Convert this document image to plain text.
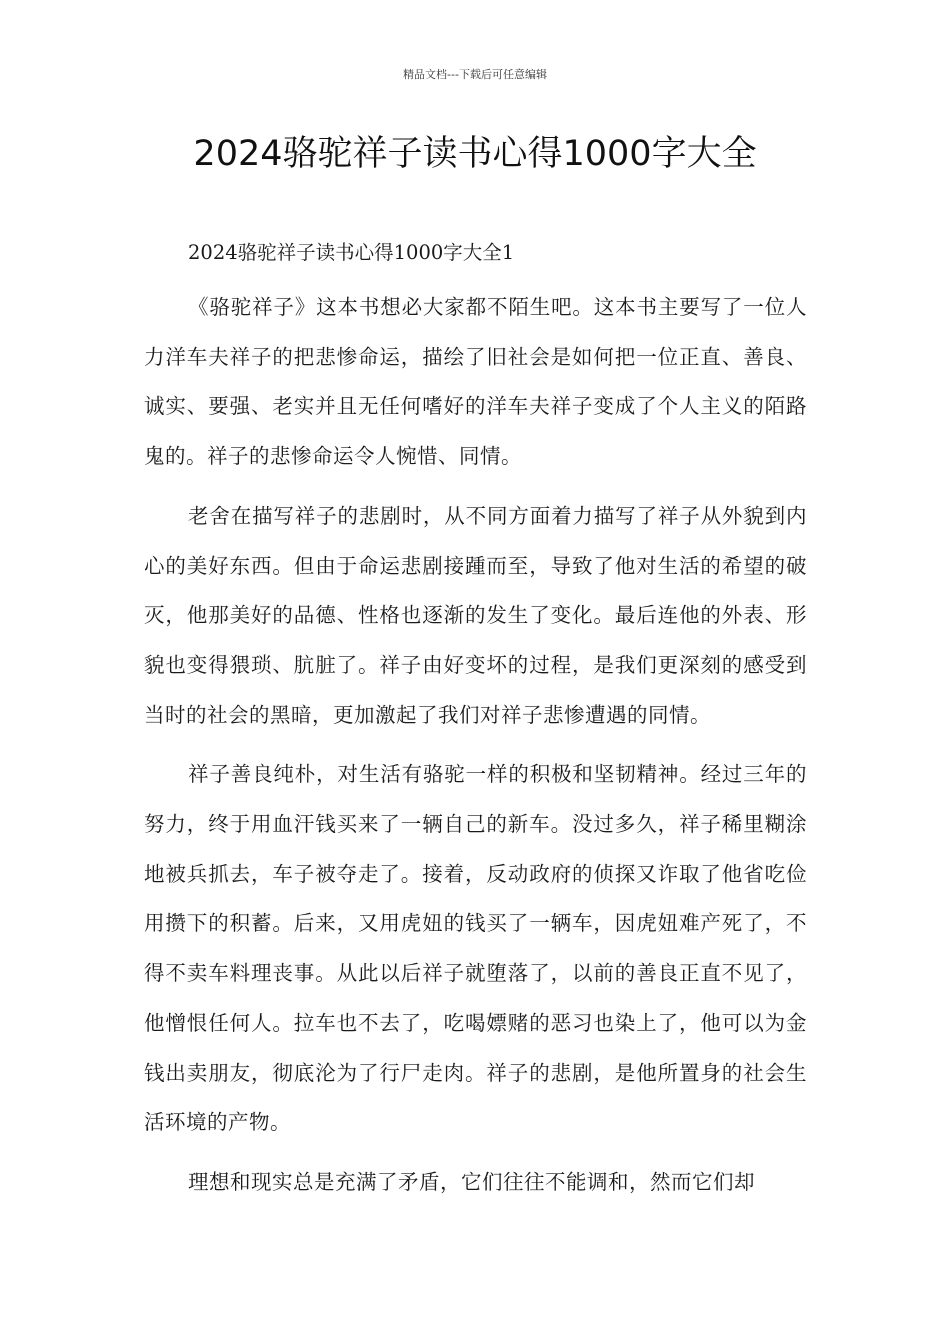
精品文档---下载后可任意编辑
2024骆驼祥子读书心得1000字大全

2024骆驼祥子读书心得1000字大全1

《骆驼祥子》这本书想必大家都不陌生吧。这本书主要写了一位人力洋车夫祥子的把悲惨命运，描绘了旧社会是如何把一位正直、善良、诚实、要强、老实并且无任何嗜好的洋车夫祥子变成了个人主义的陌路鬼的。祥子的悲惨命运令人惋惜、同情。

老舍在描写祥子的悲剧时，从不同方面着力描写了祥子从外貌到内心的美好东西。但由于命运悲剧接踵而至，导致了他对生活的希望的破灭，他那美好的品德、性格也逐渐的发生了变化。最后连他的外表、形貌也变得猥琐、肮脏了。祥子由好变坏的过程，是我们更深刻的感受到当时的社会的黑暗，更加激起了我们对祥子悲惨遭遇的同情。

祥子善良纯朴，对生活有骆驼一样的积极和坚韧精神。经过三年的努力，终于用血汗钱买来了一辆自己的新车。没过多久，祥子稀里糊涂地被兵抓去，车子被夺走了。接着，反动政府的侦探又诈取了他省吃俭用攒下的积蓄。后来，又用虎妞的钱买了一辆车，因虎妞难产死了，不得不卖车料理丧事。从此以后祥子就堕落了，以前的善良正直不见了，他憎恨任何人。拉车也不去了，吃喝嫖赌的恶习也染上了，他可以为金钱出卖朋友，彻底沦为了行尸走肉。祥子的悲剧，是他所置身的社会生活环境的产物。

理想和现实总是充满了矛盾，它们往往不能调和，然而它们却
